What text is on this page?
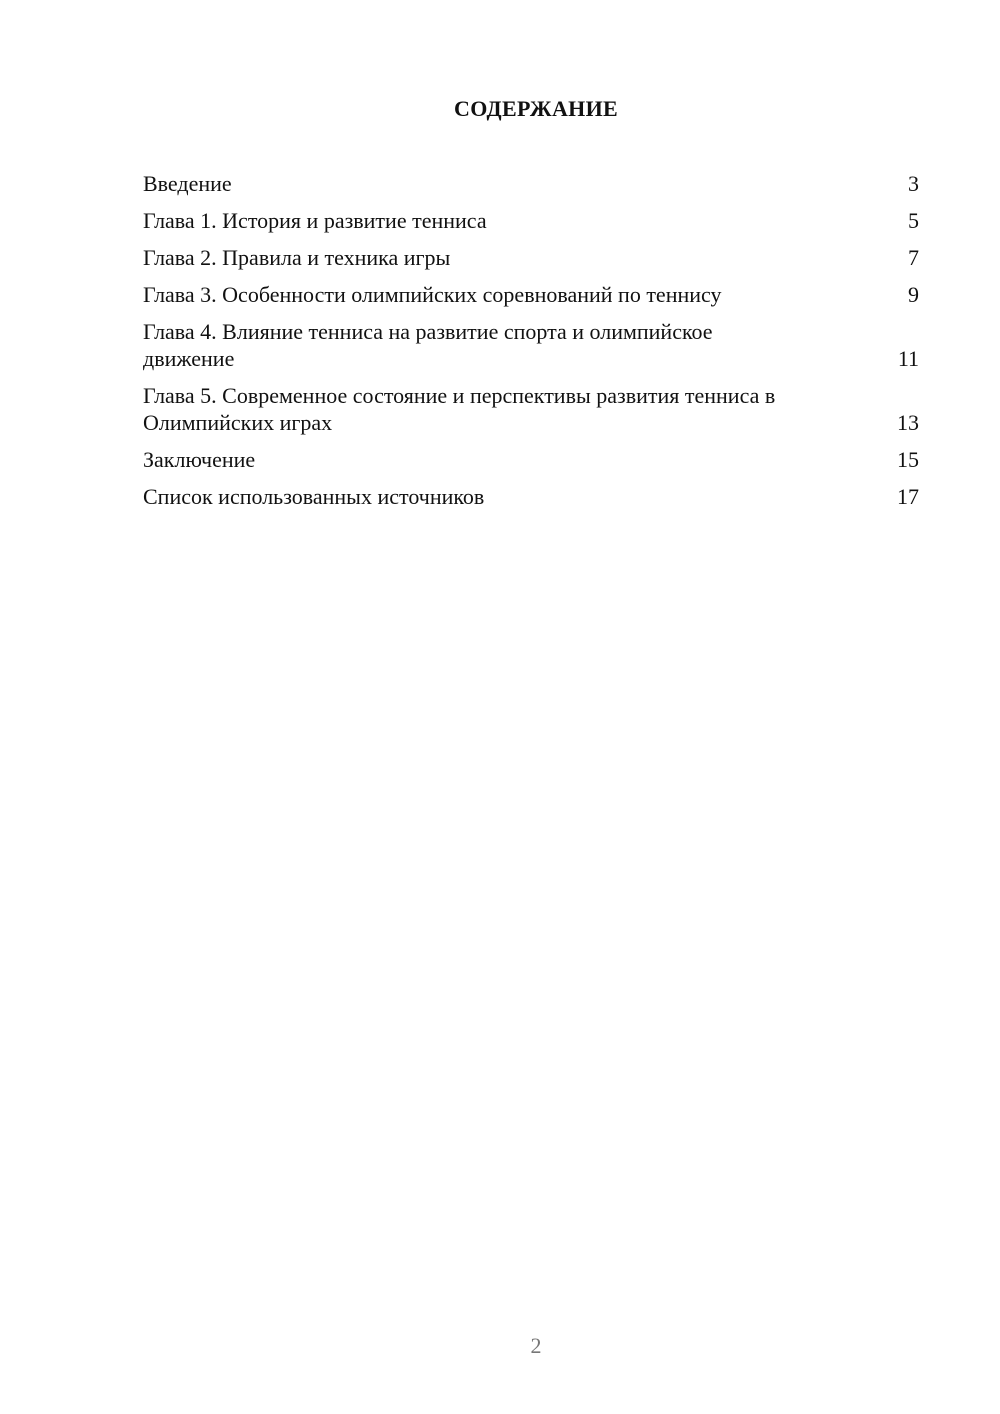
СОДЕРЖАНИЕ
Введение	3
Глава 1. История и развитие тенниса	5
Глава 2. Правила и техника игры	7
Глава 3. Особенности олимпийских соревнований по теннису	9
Глава 4. Влияние тенниса на развитие спорта и олимпийское движение	11
Глава 5. Современное состояние и перспективы развития тенниса в Олимпийских играх	13
Заключение	15
Список использованных источников	17
2
